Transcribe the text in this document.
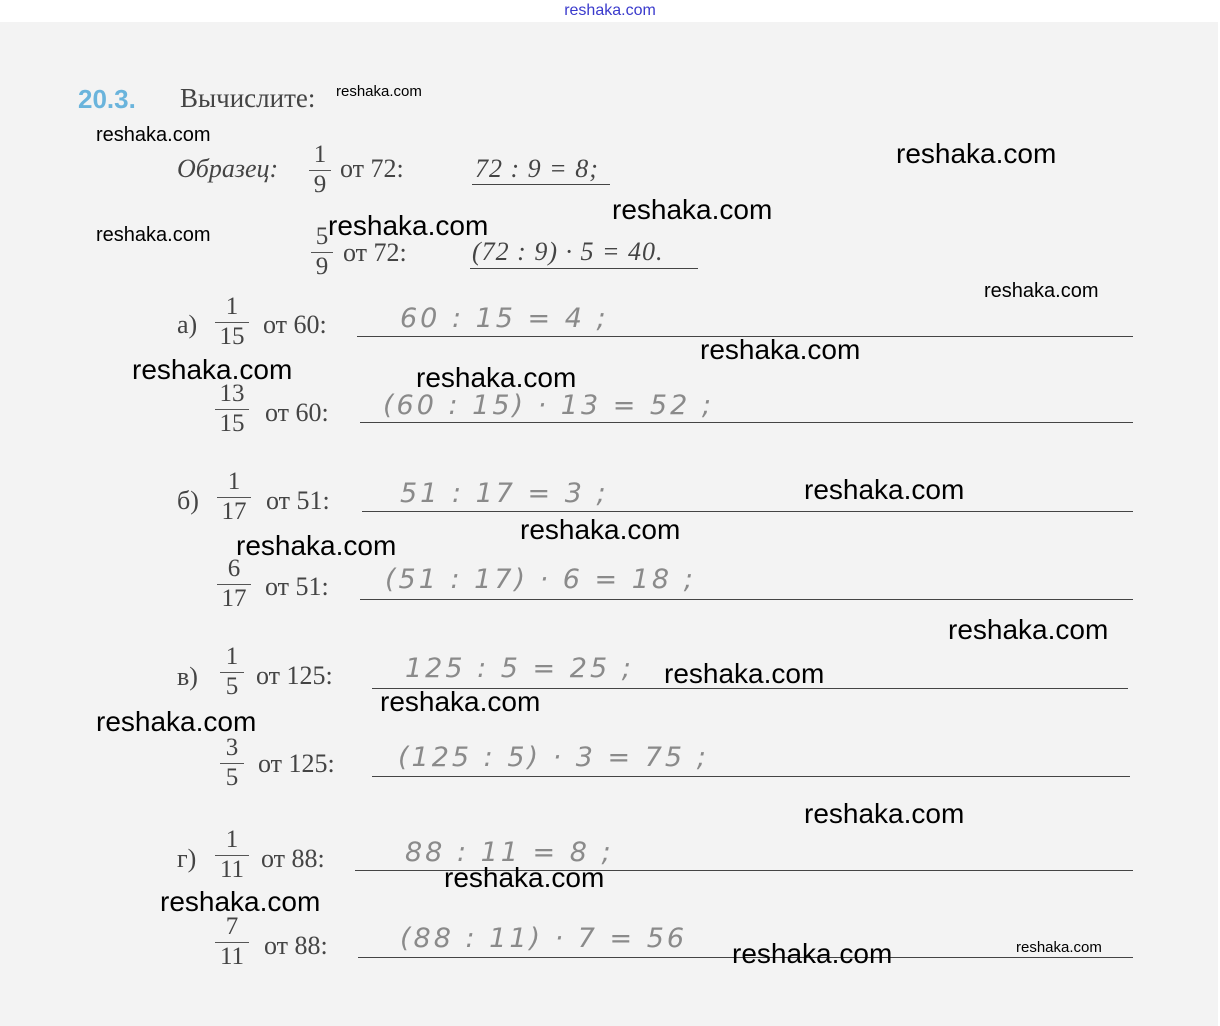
reshaka.com
20.3. Вычислите:
Образец: 1
9
от 72:	72 : 9 = 8;
5
9 от 72:	(72 : 9) · 5 = 40.
а)
1
15 от 60:	60 : 15 = 4 ;
13
15 от 60: (60 : 15) · 13 = 52 ;
б)
1
17 от 51:	51 : 17 = 3 ;
6
17 от 51: (51 : 17) · 6 = 18 ;
в)
1
5 от 125:	125 : 5 = 25 ;
3
5 от 125: (125 : 5) · 3 = 75 ;
г)
1
11 от 88:	88 : 11 = 8 ;
7
11 от 88:	(88 : 11) · 7 = 56
reshaka.com
reshaka.com
reshaka.com
reshaka.com
reshaka.com	reshaka.com
reshaka.com
reshaka.com
reshaka.com	reshaka.com
reshaka.com
reshaka.com
reshaka.com
reshaka.com
reshaka.com
reshaka.com
reshaka.com
reshaka.com
reshaka.com
reshaka.com
reshaka.com
reshaka.com
